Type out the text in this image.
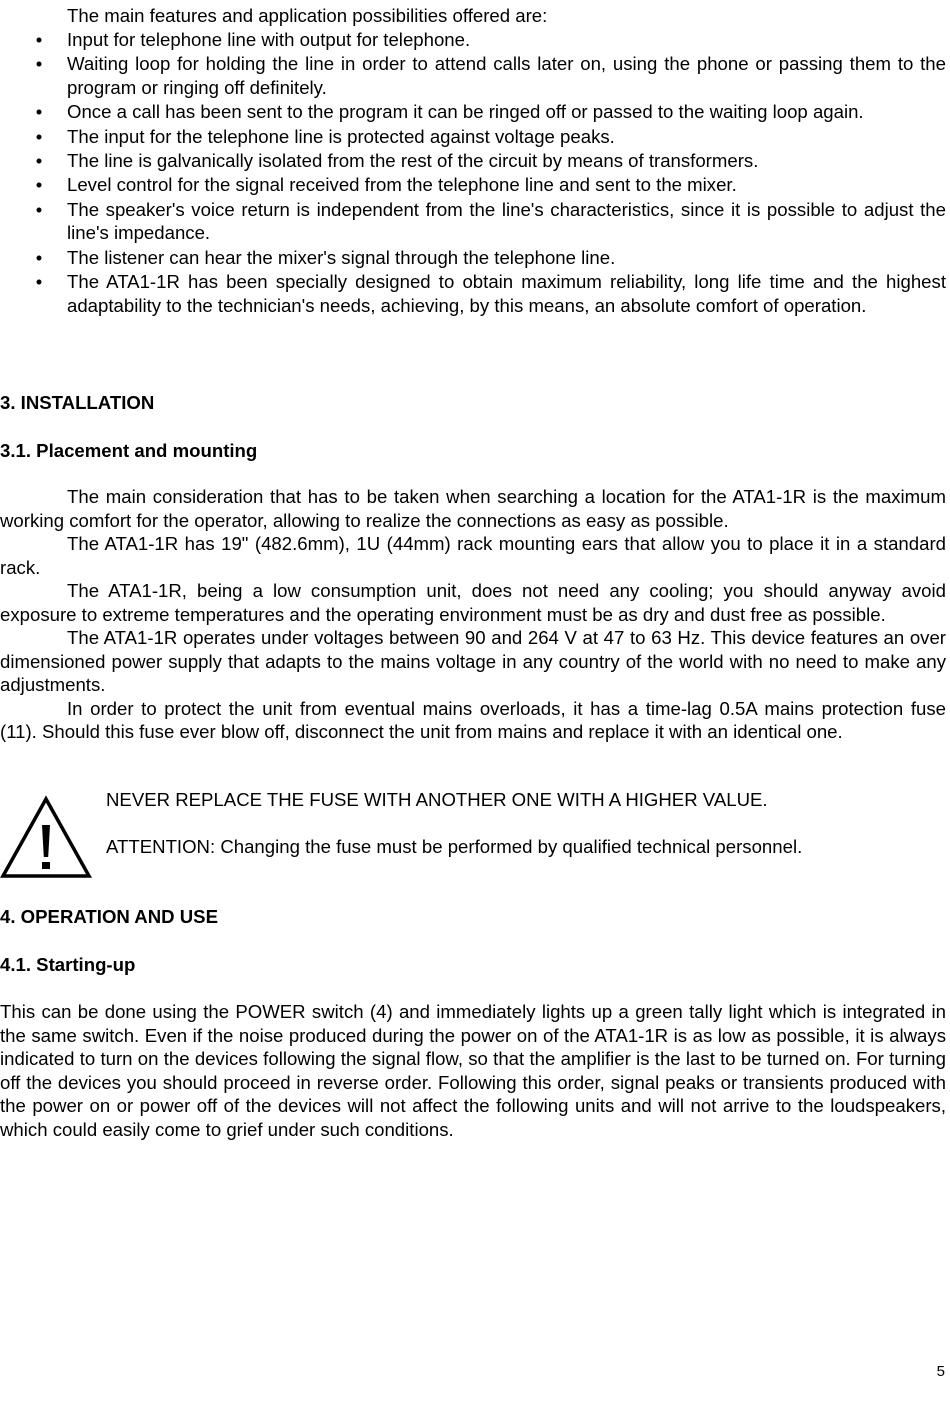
The main features and application possibilities offered are:
• Input for telephone line with output for telephone.
• Waiting loop for holding the line in order to attend calls later on, using the phone or passing them to the program or ringing off definitely.
• Once a call has been sent to the program it can be ringed off or passed to the waiting loop again.
• The input for the telephone line is protected against voltage peaks.
• The line is galvanically isolated from the rest of the circuit by means of transformers.
• Level control for the signal received from the telephone line and sent to the mixer.
• The speaker's voice return is independent from the line's characteristics, since it is possible to adjust the line's impedance.
• The listener can hear the mixer's signal through the telephone line.
• The ATA1-1R has been specially designed to obtain maximum reliability, long life time and the highest adaptability to the technician's needs, achieving, by this means, an absolute comfort of operation.
3. INSTALLATION
3.1. Placement and mounting

The main consideration that has to be taken when searching a location for the ATA1-1R is the maximum working comfort for the operator, allowing to realize the connections as easy as possible.

The ATA1-1R has 19" (482.6mm), 1U (44mm) rack mounting ears that allow you to place it in a standard rack.

The ATA1-1R, being a low consumption unit, does not need any cooling; you should anyway avoid exposure to extreme temperatures and the operating environment must be as dry and dust free as possible.

The ATA1-1R operates under voltages between 90 and 264 V at 47 to 63 Hz. This device features an over dimensioned power supply that adapts to the mains voltage in any country of the world with no need to make any adjustments.

In order to protect the unit from eventual mains overloads, it has a time-lag 0.5A mains protection fuse (11). Should this fuse ever blow off, disconnect the unit from mains and replace it with an identical one.

NEVER REPLACE THE FUSE WITH ANOTHER ONE WITH A HIGHER VALUE.
ATTENTION: Changing the fuse must be performed by qualified technical personnel.
4. OPERATION AND USE
4.1. Starting-up
This can be done using the POWER switch (4) and immediately lights up a green tally light which is integrated in the same switch. Even if the noise produced during the power on of the ATA1-1R is as low as possible, it is always indicated to turn on the devices following the signal flow, so that the amplifier is the last to be turned on. For turning off the devices you should proceed in reverse order. Following this order, signal peaks or transients produced with the power on or power off of the devices will not affect the following units and will not arrive to the loudspeakers, which could easily come to grief under such conditions.
5
